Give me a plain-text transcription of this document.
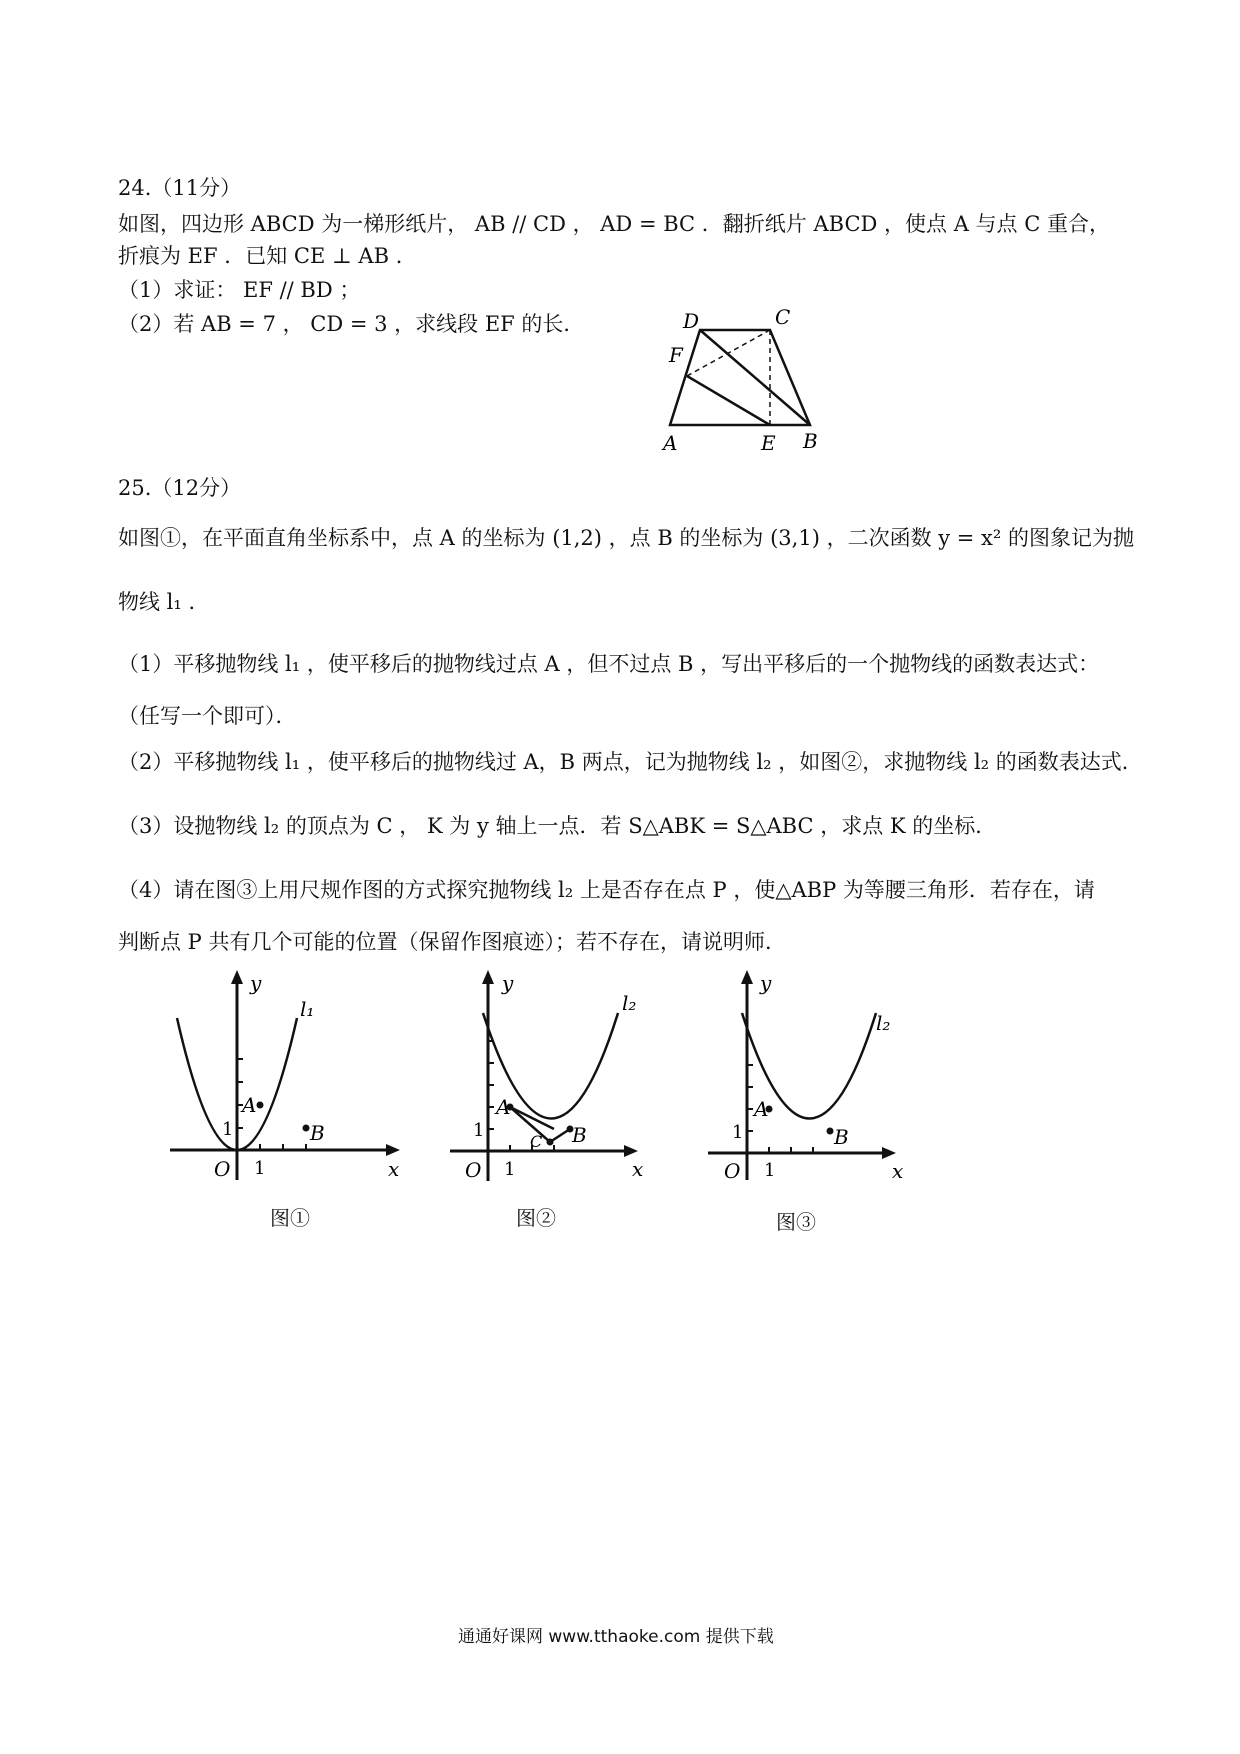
24.（11分）
如图，四边形 ABCD 为一梯形纸片， AB // CD ， AD = BC ．翻折纸片 ABCD ，使点 A 与点 C 重合，
折痕为 EF ．已知 CE ⊥ AB ．
（1）求证： EF // BD ；
（2）若 AB = 7 ， CD = 3 ，求线段 EF 的长．	D	C
F
A	E B
25.（12分）
如图①，在平面直角坐标系中，点 A 的坐标为 (1,2) ，点 B 的坐标为 (3,1) ，二次函数 y = x² 的图象记为抛
物线 l₁ ．
（1）平移抛物线 l₁ ，使平移后的抛物线过点 A ，但不过点 B ，写出平移后的一个抛物线的函数表达式：
（任写一个即可）．
（2）平移抛物线 l₁ ，使平移后的抛物线过 A，B 两点，记为抛物线 l₂ ，如图②，求抛物线 l₂ 的函数表达式．
（3）设抛物线 l₂ 的顶点为 C ， K 为 y 轴上一点．若 S△ABK = S△ABC ，求点 K 的坐标．
（4）请在图③上用尺规作图的方式探究抛物线 l₂ 上是否存在点 P ，使△ABP 为等腰三角形．若存在，请
判断点 P 共有几个可能的位置（保留作图痕迹）；若不存在，请说明师．
y
x
O 1
1
A
B
l₁
图①
y
x
O 1
1
A
B
C
l₂
图②
y
x
O 1
1
A
B
l₂
图③
通通好课网 www.tthaoke.com 提供下载
